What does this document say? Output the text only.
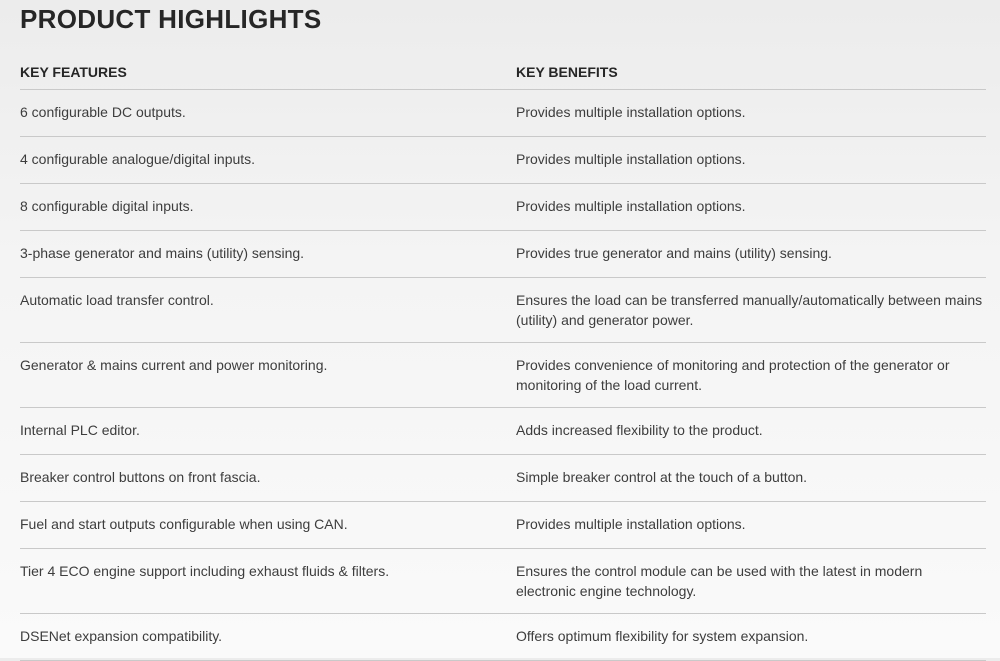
PRODUCT HIGHLIGHTS
KEY FEATURES	KEY BENEFITS
6 configurable DC outputs.	Provides multiple installation options.
4 configurable analogue/digital inputs.	Provides multiple installation options.
8 configurable digital inputs.	Provides multiple installation options.
3-phase generator and mains (utility) sensing.	Provides true generator and mains (utility) sensing.
Automatic load transfer control.	Ensures the load can be transferred manually/automatically between mains (utility) and generator power.
Generator & mains current and power monitoring.	Provides convenience of monitoring and protection of the generator or monitoring of the load current.
Internal PLC editor.	Adds increased flexibility to the product.
Breaker control buttons on front fascia.	Simple breaker control at the touch of a button.
Fuel and start outputs configurable when using CAN.	Provides multiple installation options.
Tier 4 ECO engine support including exhaust fluids & filters.	Ensures the control module can be used with the latest in modern electronic engine technology.
DSENet expansion compatibility.	Offers optimum flexibility for system expansion.
